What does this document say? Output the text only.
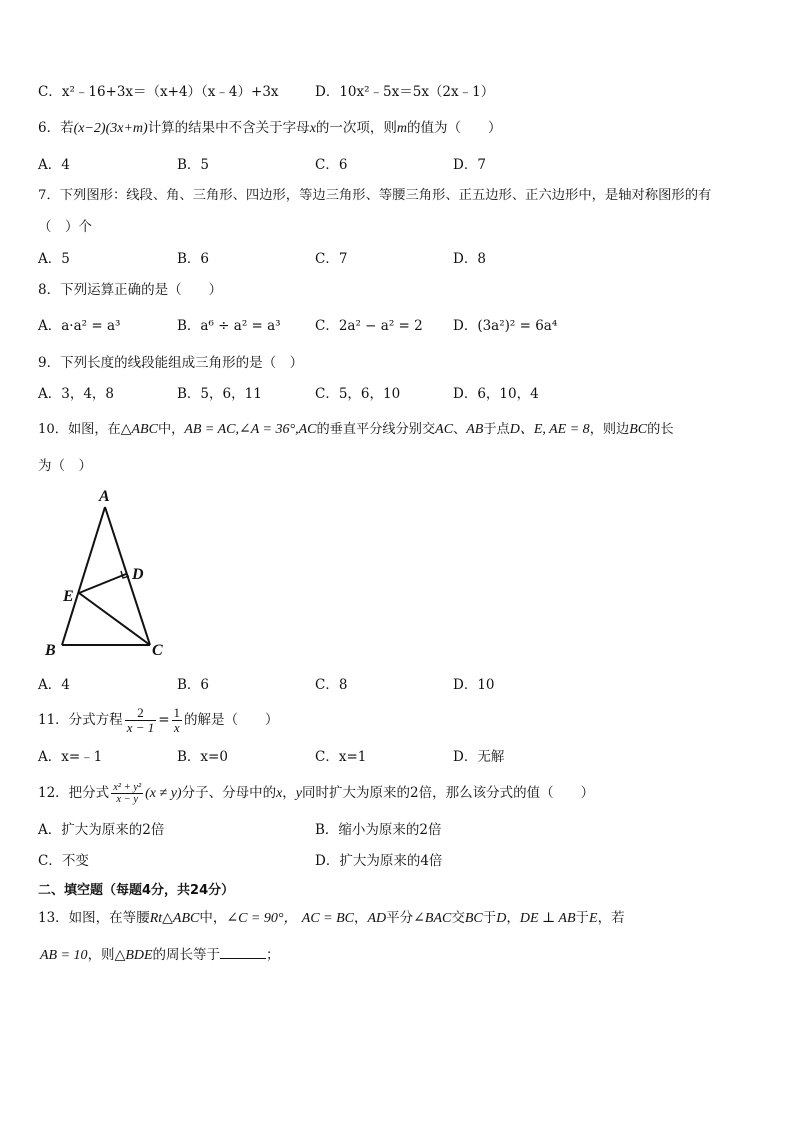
C．x²﹣16+3x＝（x+4）（x﹣4）+3x	D．10x²﹣5x＝5x（2x﹣1）
6．若(x−2)(3x+m)计算的结果中不含关于字母x的一次项，则m的值为（　　）
A．4	B．5	C．6	D．7
7．下列图形：线段、角、三角形、四边形，等边三角形、等腰三角形、正五边形、正六边形中，是轴对称图形的有
（　）个
A．5	B．6	C．7	D．8
8．下列运算正确的是（　　）
A．a·a² = a³	B．a⁶ ÷ a² = a³	C．2a² − a² = 2 D．(3a²)² = 6a⁴
9．下列长度的线段能组成三角形的是（　）
A．3，4，8	B．5，6，11	C．5，6，10	D．6，10，4
10．如图，在△ABC中，AB = AC,∠A = 36°,AC的垂直平分线分别交AC、AB于点D、E, AE = 8，则边BC的长
为（　）
A
B	C
D
E
A．4	B．6	C．8	D．10
11．分式方程 $\frac{2}{x - 1} = \frac{1}{x}$ 的解是（　　）
A．x=﹣1	B．x=0	C．x=1	D．无解
12．把分式 $\frac{\text{x² + y²}}{x - y} (x \ne y)$分子、分母中的x，y同时扩大为原来的2倍，那么该分式的值（　　）
A．扩大为原来的2倍	B．缩小为原来的2倍
C．不变	D．扩大为原来的4倍
二、填空题（每题4分，共24分）
13．如图，在等腰Rt△ABC中，∠C = 90°， AC = BC，AD平分∠BAC交BC于D，DE ⊥ AB于E，若
AB = 10，则△BDE的周长等于	；
